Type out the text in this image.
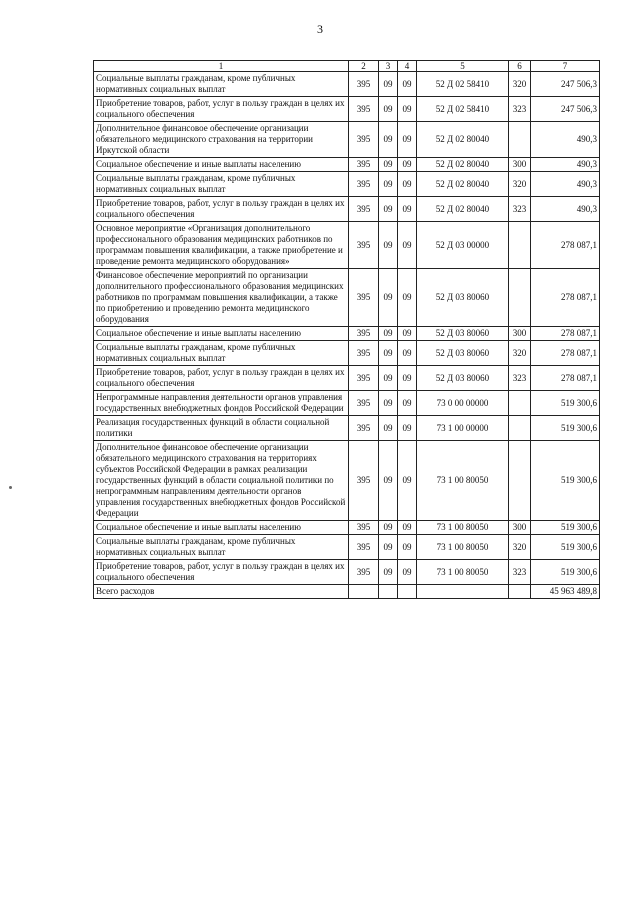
3
1	2	3	4	5	6	7
Социальные выплаты гражданам, кроме публичных нормативных социальных выплат	395	09	09	52 Д 02 58410	320	247 506,3
Приобретение товаров, работ, услуг в пользу граждан в целях их социального обеспечения	395	09	09	52 Д 02 58410	323	247 506,3
Дополнительное финансовое обеспечение организации обязательного медицинского страхования на территории Иркутской области	395	09	09	52 Д 02 80040		490,3
Социальное обеспечение и иные выплаты населению	395	09	09	52 Д 02 80040	300	490,3
Социальные выплаты гражданам, кроме публичных нормативных социальных выплат	395	09	09	52 Д 02 80040	320	490,3
Приобретение товаров, работ, услуг в пользу граждан в целях их социального обеспечения	395	09	09	52 Д 02 80040	323	490,3
Основное мероприятие «Организация дополнительного профессионального образования медицинских работников по программам повышения квалификации, а также приобретение и проведение ремонта медицинского оборудования»	395	09	09	52 Д 03 00000		278 087,1
Финансовое обеспечение мероприятий по организации дополнительного профессионального образования медицинских работников по программам повышения квалификации, а также по приобретению и проведению ремонта медицинского оборудования	395	09	09	52 Д 03 80060		278 087,1
Социальное обеспечение и иные выплаты населению	395	09	09	52 Д 03 80060	300	278 087,1
Социальные выплаты гражданам, кроме публичных нормативных социальных выплат	395	09	09	52 Д 03 80060	320	278 087,1
Приобретение товаров, работ, услуг в пользу граждан в целях их социального обеспечения	395	09	09	52 Д 03 80060	323	278 087,1
Непрограммные направления деятельности органов управления государственных внебюджетных фондов Российской Федерации	395	09	09	73 0 00 00000		519 300,6
Реализация государственных функций в области социальной политики	395	09	09	73 1 00 00000		519 300,6
Дополнительное финансовое обеспечение организации обязательного медицинского страхования на территориях субъектов Российской Федерации в рамках реализации государственных функций в области социальной политики по непрограммным направлениям деятельности органов управления государственных внебюджетных фондов Российской Федерации	395	09	09	73 1 00 80050		519 300,6
Социальное обеспечение и иные выплаты населению	395	09	09	73 1 00 80050	300	519 300,6
Социальные выплаты гражданам, кроме публичных нормативных социальных выплат	395	09	09	73 1 00 80050	320	519 300,6
Приобретение товаров, работ, услуг в пользу граждан в целях их социального обеспечения	395	09	09	73 1 00 80050	323	519 300,6
Всего расходов						45 963 489,8
